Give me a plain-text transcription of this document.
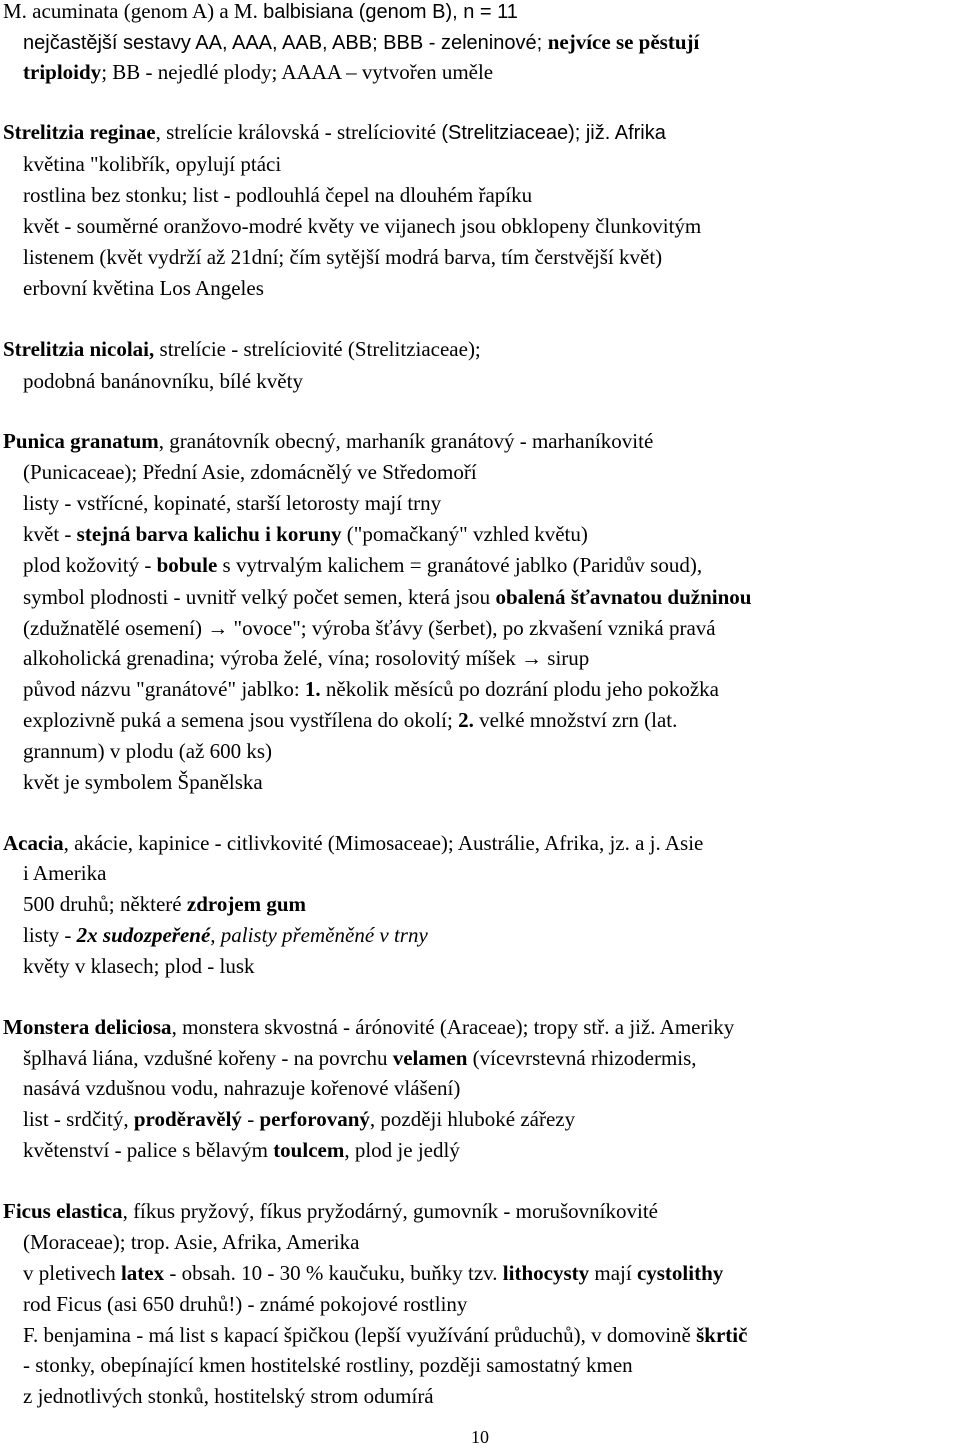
M. acuminata (genom A) a M. balbisiana (genom B), n = 11
nejčastější sestavy AA, AAA, AAB, ABB; BBB - zeleninové; nejvíce se pěstují
triploidy; BB - nejedlé plody; AAAA – vytvořen uměle
Strelitzia reginae, strelície královská - strelíciovité (Strelitziaceae); již. Afrika
květina "kolibřík, opylují ptáci
rostlina bez stonku; list - podlouhlá čepel na dlouhém řapíku
květ - souměrné oranžovo-modré květy ve vijanech jsou obklopeny člunkovitým
listenem (květ vydrží až 21dní; čím sytější modrá barva, tím čerstvější květ)
erbovní květina Los Angeles
Strelitzia nicolai, strelície - strelíciovité (Strelitziaceae);
podobná banánovníku, bílé květy
Punica granatum, granátovník obecný, marhaník granátový - marhaníkovité
(Punicaceae); Přední Asie, zdomácnělý ve Středomoří
listy - vstřícné, kopinaté, starší letorosty mají trny
květ - stejná barva kalichu i koruny ("pomačkaný" vzhled květu)
plod kožovitý - bobule s vytrvalým kalichem = granátové jablko (Paridův soud),
symbol plodnosti - uvnitř velký počet semen, která jsou obalená šťavnatou dužninou
(zdužnatělé osemení) → "ovoce"; výroba šťávy (šerbet), po zkvašení vzniká pravá
alkoholická grenadina; výroba želé, vína; rosolovitý míšek → sirup
původ názvu "granátové" jablko: 1. několik měsíců po dozrání plodu jeho pokožka
explozivně puká a semena jsou vystřílena do okolí; 2. velké množství zrn (lat.
grannum) v plodu (až 600 ks)
květ je symbolem Španělska
Acacia, akácie, kapinice - citlivkovité (Mimosaceae); Austrálie, Afrika, jz. a j. Asie
i Amerika
500 druhů; některé zdrojem gum
listy - 2x sudozpeřené, palisty přeměněné v trny
květy v klasech; plod - lusk
Monstera deliciosa, monstera skvostná - árónovité (Araceae); tropy stř. a již. Ameriky
šplhavá liána, vzdušné kořeny - na povrchu velamen (vícevrstevná rhizodermis,
nasává vzdušnou vodu, nahrazuje kořenové vlášení)
list - srdčitý, proděravělý - perforovaný, později hluboké zářezy
květenství - palice s bělavým toulcem, plod je jedlý
Ficus elastica, fíkus pryžový, fíkus pryžodárný, gumovník - morušovníkovité
(Moraceae); trop. Asie, Afrika, Amerika
v pletivech latex - obsah. 10 - 30 % kaučuku, buňky tzv. lithocysty mají cystolithy
rod Ficus (asi 650 druhů!) - známé pokojové rostliny
F. benjamina - má list s kapací špičkou (lepší využívání průduchů), v domovině škrtič
- stonky, obepínající kmen hostitelské rostliny, později samostatný kmen
z jednotlivých stonků, hostitelský strom odumírá
10
